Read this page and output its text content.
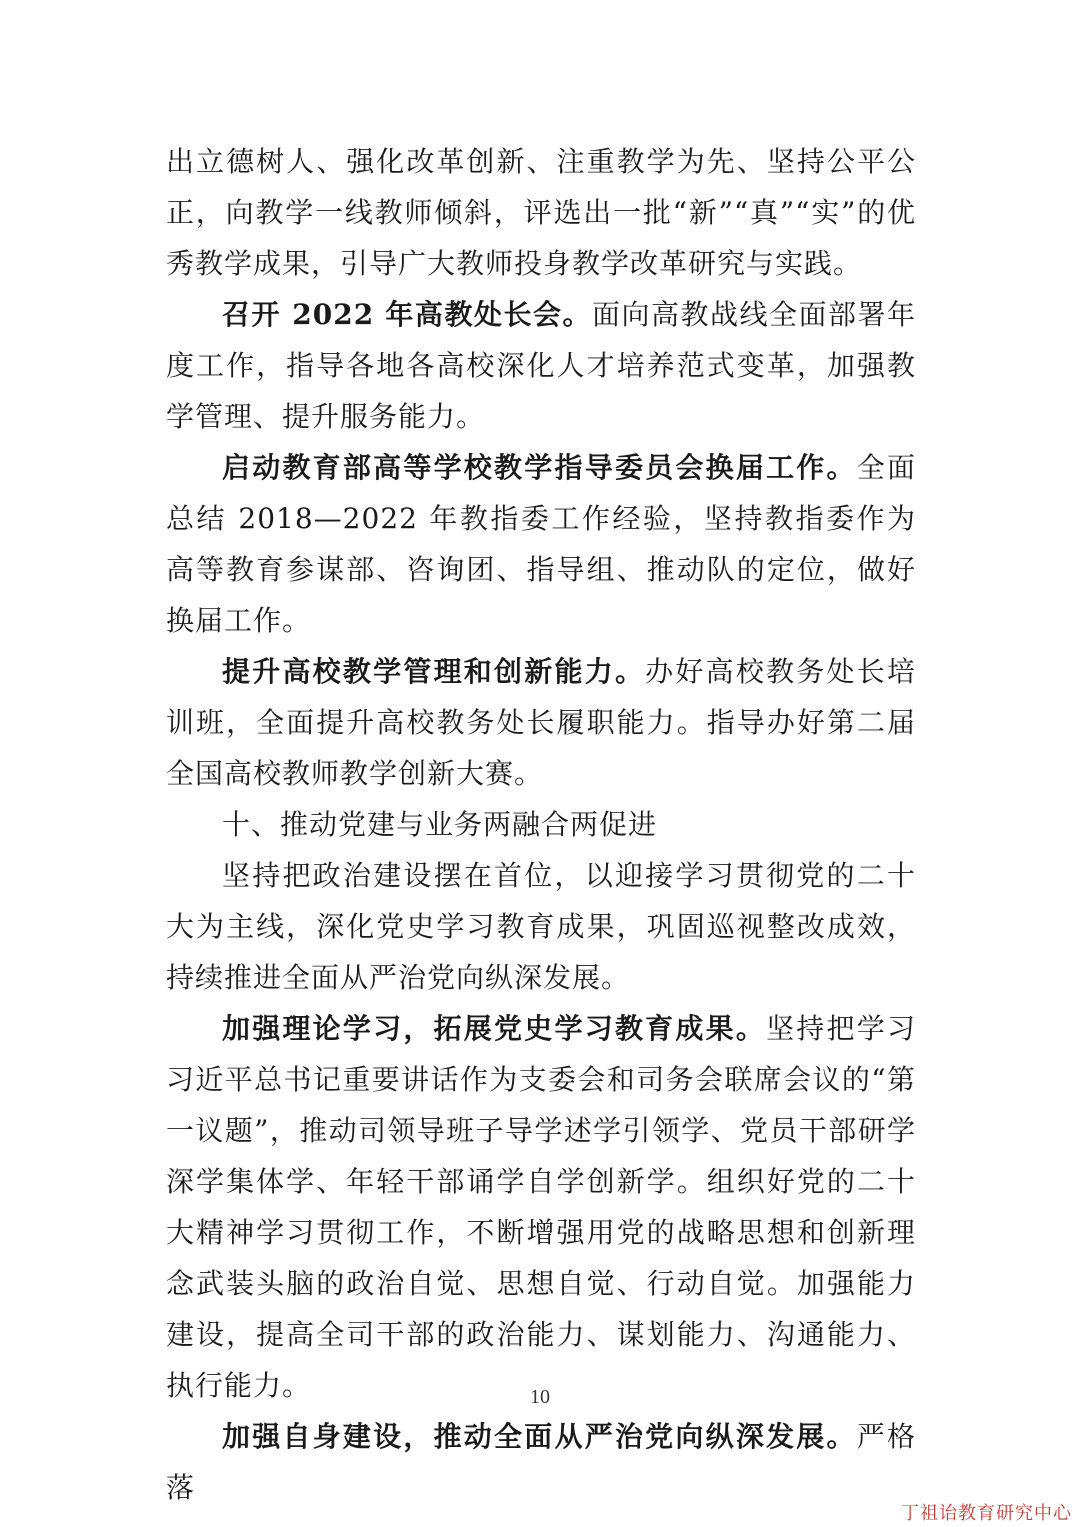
出立德树人、强化改革创新、注重教学为先、坚持公平公正，向教学一线教师倾斜，评选出一批“新”“真”“实”的优秀教学成果，引导广大教师投身教学改革研究与实践。

召开 2022 年高教处长会。面向高教战线全面部署年度工作，指导各地各高校深化人才培养范式变革，加强教学管理、提升服务能力。

启动教育部高等学校教学指导委员会换届工作。全面总结 2018—2022 年教指委工作经验，坚持教指委作为高等教育参谋部、咨询团、指导组、推动队的定位，做好换届工作。

提升高校教学管理和创新能力。办好高校教务处长培训班，全面提升高校教务处长履职能力。指导办好第二届全国高校教师教学创新大赛。

十、推动党建与业务两融合两促进

坚持把政治建设摆在首位，以迎接学习贯彻党的二十大为主线，深化党史学习教育成果，巩固巡视整改成效，持续推进全面从严治党向纵深发展。

加强理论学习，拓展党史学习教育成果。坚持把学习习近平总书记重要讲话作为支委会和司务会联席会议的“第一议题”，推动司领导班子导学述学引领学、党员干部研学深学集体学、年轻干部诵学自学创新学。组织好党的二十大精神学习贯彻工作，不断增强用党的战略思想和创新理念武装头脑的政治自觉、思想自觉、行动自觉。加强能力建设，提高全司干部的政治能力、谋划能力、沟通能力、执行能力。

加强自身建设，推动全面从严治党向纵深发展。严格落

10
丁祖诒教育研究中心
